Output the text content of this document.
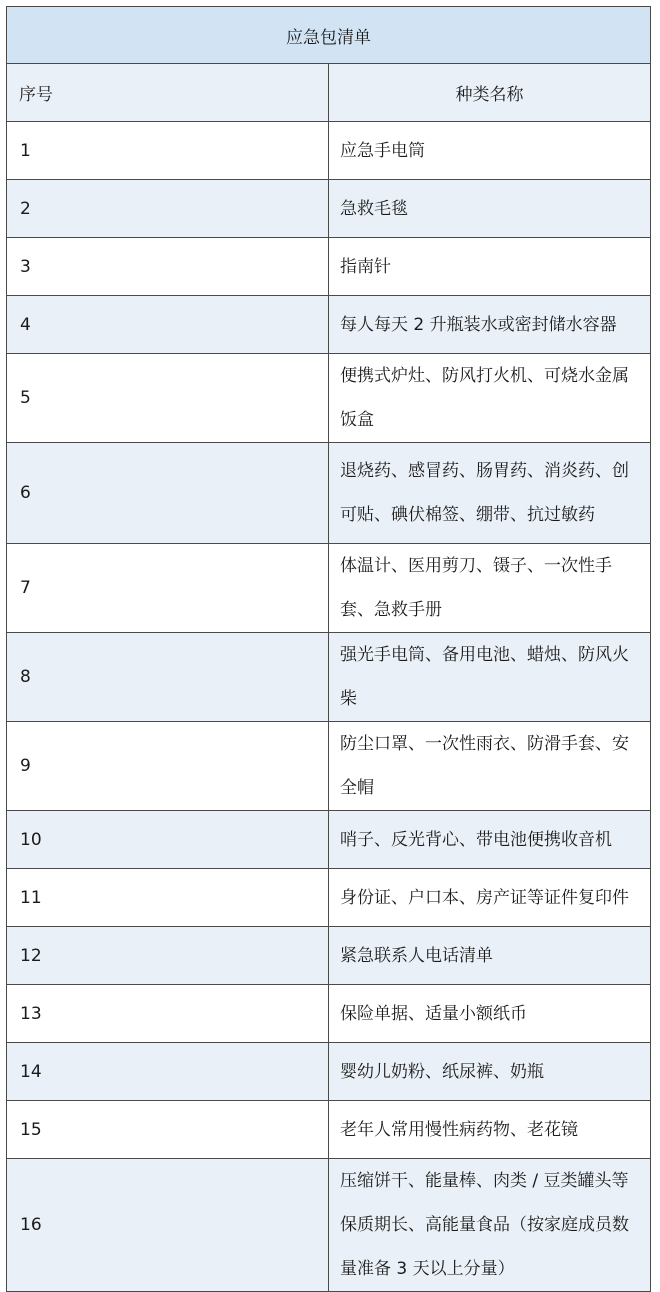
应急包清单	
序号	种类名称
1	应急手电筒
2	急救毛毯
3	指南针
4	每人每天 2 升瓶装水或密封储水容器
5	便携式炉灶、防风打火机、可烧水金属饭盒
6	退烧药、感冒药、肠胃药、消炎药、创可贴、碘伏棉签、绷带、抗过敏药
7	体温计、医用剪刀、镊子、一次性手套、急救手册
8	强光手电筒、备用电池、蜡烛、防风火柴
9	防尘口罩、一次性雨衣、防滑手套、安全帽
10	哨子、反光背心、带电池便携收音机
11	身份证、户口本、房产证等证件复印件
12	紧急联系人电话清单
13	保险单据、适量小额纸币
14	婴幼儿奶粉、纸尿裤、奶瓶
15	老年人常用慢性病药物、老花镜
16	压缩饼干、能量棒、肉类 / 豆类罐头等保质期长、高能量食品（按家庭成员数量准备 3 天以上分量）
